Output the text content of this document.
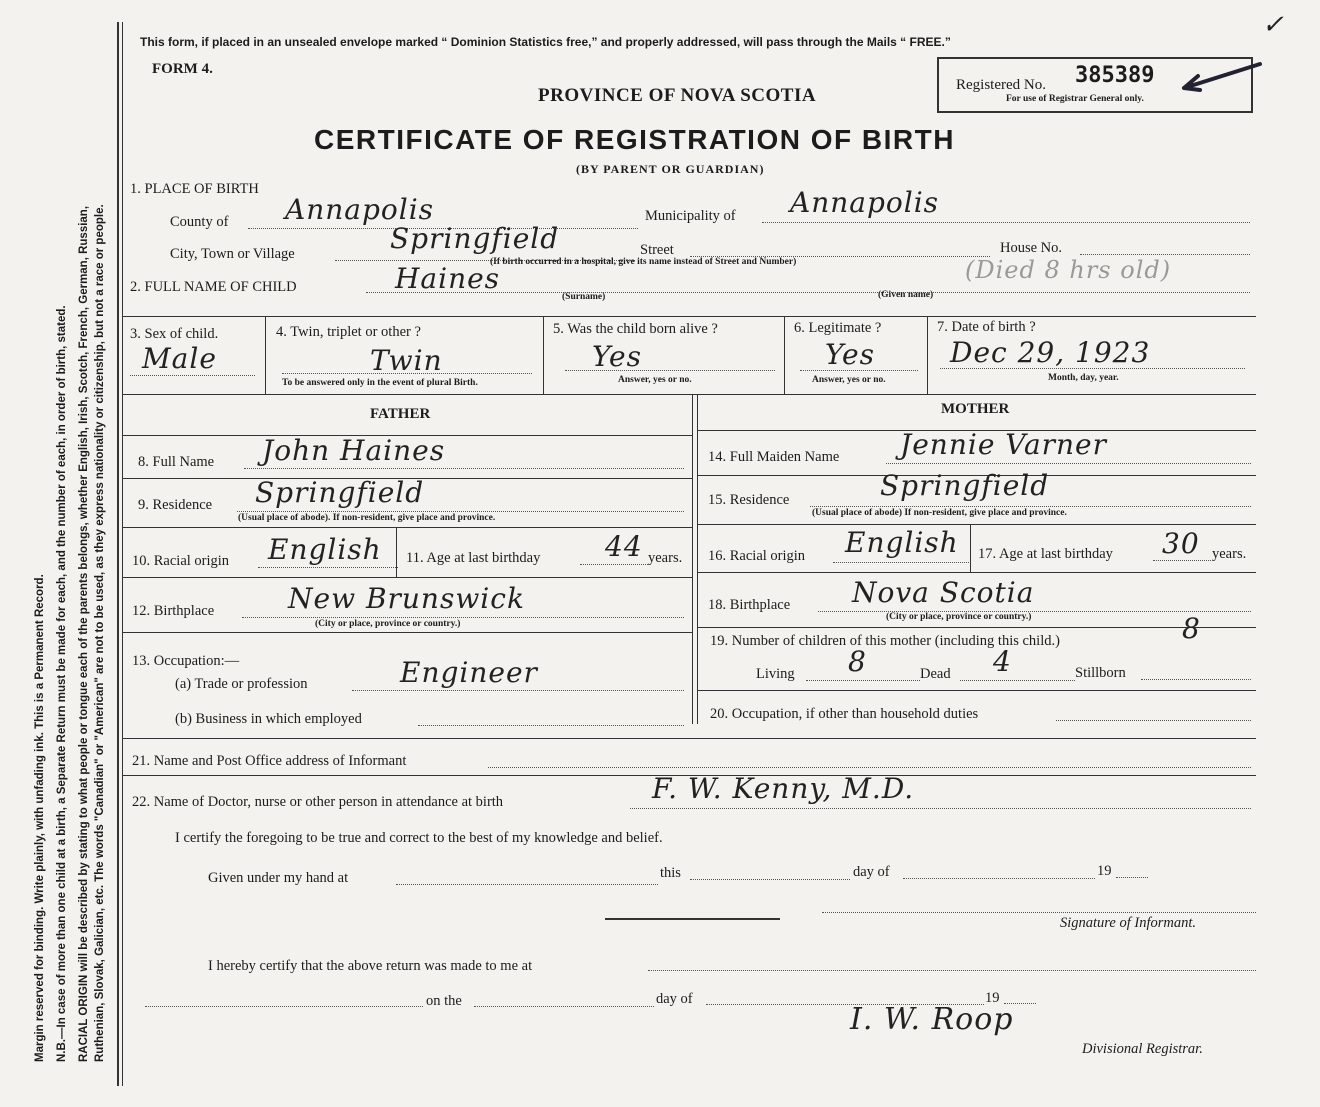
Margin reserved for binding. Write plainly, with unfading ink. This is a Permanent Record. N.B.—In case of more than one child at a birth, a Separate Return must be made for each, and the number of each, in order of birth, stated. RACIAL ORIGIN will be described by stating to what people or tongue each of the parents belongs, whether English, Irish, Scotch, French, German, Russian, Ruthenian, Slovak, Galician, etc. The words "Canadian" or "American" are not to be used, as they express nationality or citizenship, but not a race or people.
This form, if placed in an unsealed envelope marked “ Dominion Statistics free,” and properly addressed, will pass through the Mails “ FREE.”
FORM 4.
PROVINCE OF NOVA SCOTIA
CERTIFICATE OF REGISTRATION OF BIRTH
(BY PARENT OR GUARDIAN)
Registered No. 385389
For use of Registrar General only.
✓
1. PLACE OF BIRTH
County of Annapolis	Municipality of Annapolis
City, Town or Village	Springfield	Street
(If birth occurred in a hospital, give its name instead of Street and Number)
House No.
2. FULL NAME OF CHILD	Haines
(Surname)	(Given name)
(Died 8 hrs old)
3. Sex of child.
Male
4. Twin, triplet or other ?
Twin
To be answered only in the event of plural Birth.
5. Was the child born alive ?
Yes
Answer, yes or no.
6. Legitimate ?
Yes
Answer, yes or no.
7. Date of birth ?
Dec 29, 1923
Month, day, year.
FATHER	MOTHER
8. Full Name John Haines
9. Residence Springfield
(Usual place of abode). If non-resident, give place and province.
10. Racial origin English 11. Age at last birthday 44 years.
12. Birthplace	New Brunswick
(City or place, province or country.)
13. Occupation:—
(a) Trade or profession	Engineer
(b) Business in which employed
14. Full Maiden Name Jennie Varner
15. Residence	Springfield
(Usual place of abode) If non-resident, give place and province.
16. Racial origin English 17. Age at last birthday 30 years.
18. Birthplace Nova Scotia
(City or place, province or country.)
19. Number of children of this mother (including this child.)	8
Living 8	Dead 4	Stillborn
20. Occupation, if other than household duties
21. Name and Post Office address of Informant
22. Name of Doctor, nurse or other person in attendance at birth	F. W. Kenny, M.D.
I certify the foregoing to be true and correct to the best of my knowledge and belief.
Given under my hand at	this	day of	19
Signature of Informant.
I hereby certify that the above return was made to me at
on the	day of	19
I. W. Roop
Divisional Registrar.
